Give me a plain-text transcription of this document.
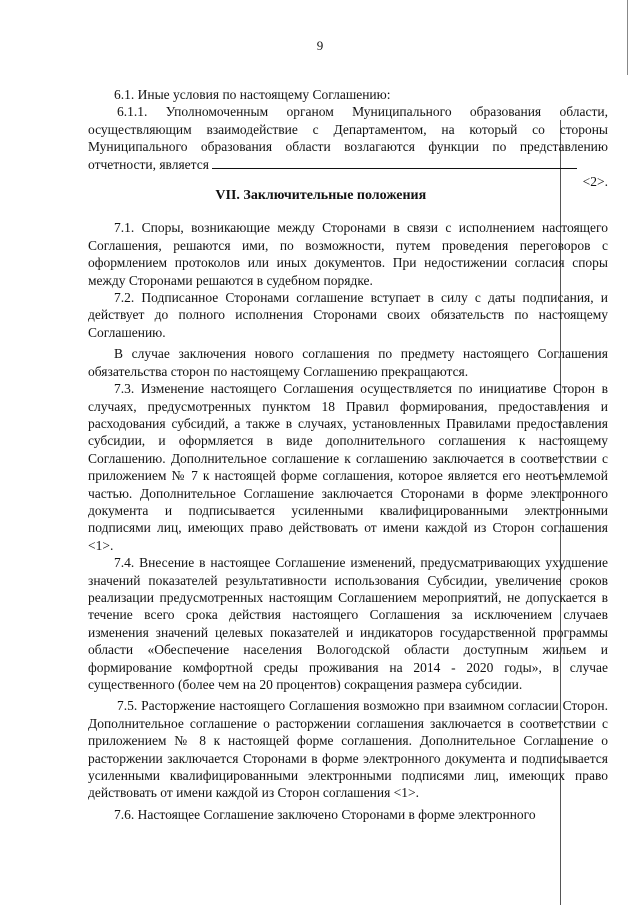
9

6.1. Иные условия по настоящему Соглашению:

6.1.1. Уполномоченным органом Муниципального образования области, осуществляющим взаимодействие с Департаментом, на который со стороны Муниципального образования области возлагаются функции по представлению отчетности, является
<2>.

VII. Заключительные положения

7.1. Споры, возникающие между Сторонами в связи с исполнением настоящего Соглашения, решаются ими, по возможности, путем проведения переговоров с оформлением протоколов или иных документов. При недостижении согласия споры между Сторонами решаются в судебном порядке.

7.2. Подписанное Сторонами соглашение вступает в силу с даты подписания, и действует до полного исполнения Сторонами своих обязательств по настоящему Соглашению.

В случае заключения нового соглашения по предмету настоящего Соглашения обязательства сторон по настоящему Соглашению прекращаются.

7.3. Изменение настоящего Соглашения осуществляется по инициативе Сторон в случаях, предусмотренных пунктом 18 Правил формирования, предоставления и расходования субсидий, а также в случаях, установленных Правилами предоставления субсидии, и оформляется в виде дополнительного соглашения к настоящему Соглашению. Дополнительное соглашение к соглашению заключается в соответствии с приложением № 7 к настоящей форме соглашения, которое является его неотъемлемой частью. Дополнительное Соглашение заключается Сторонами в форме электронного документа и подписывается усиленными квалифицированными электронными подписями лиц, имеющих право действовать от имени каждой из Сторон соглашения <1>.

7.4. Внесение в настоящее Соглашение изменений, предусматривающих ухудшение значений показателей результативности использования Субсидии, увеличение сроков реализации предусмотренных настоящим Соглашением мероприятий, не допускается в течение всего срока действия настоящего Соглашения за исключением случаев изменения значений целевых показателей и индикаторов государственной программы области «Обеспечение населения Вологодской области доступным жильем и формирование комфортной среды проживания на 2014 - 2020 годы», в случае существенного (более чем на 20 процентов) сокращения размера субсидии.

7.5. Расторжение настоящего Соглашения возможно при взаимном согласии Сторон. Дополнительное соглашение о расторжении соглашения заключается в соответствии с приложением № 8 к настоящей форме соглашения. Дополнительное Соглашение о расторжении заключается Сторонами в форме электронного документа и подписывается усиленными квалифицированными электронными подписями лиц, имеющих право действовать от имени каждой из Сторон соглашения <1>.

7.6. Настоящее Соглашение заключено Сторонами в форме электронного
